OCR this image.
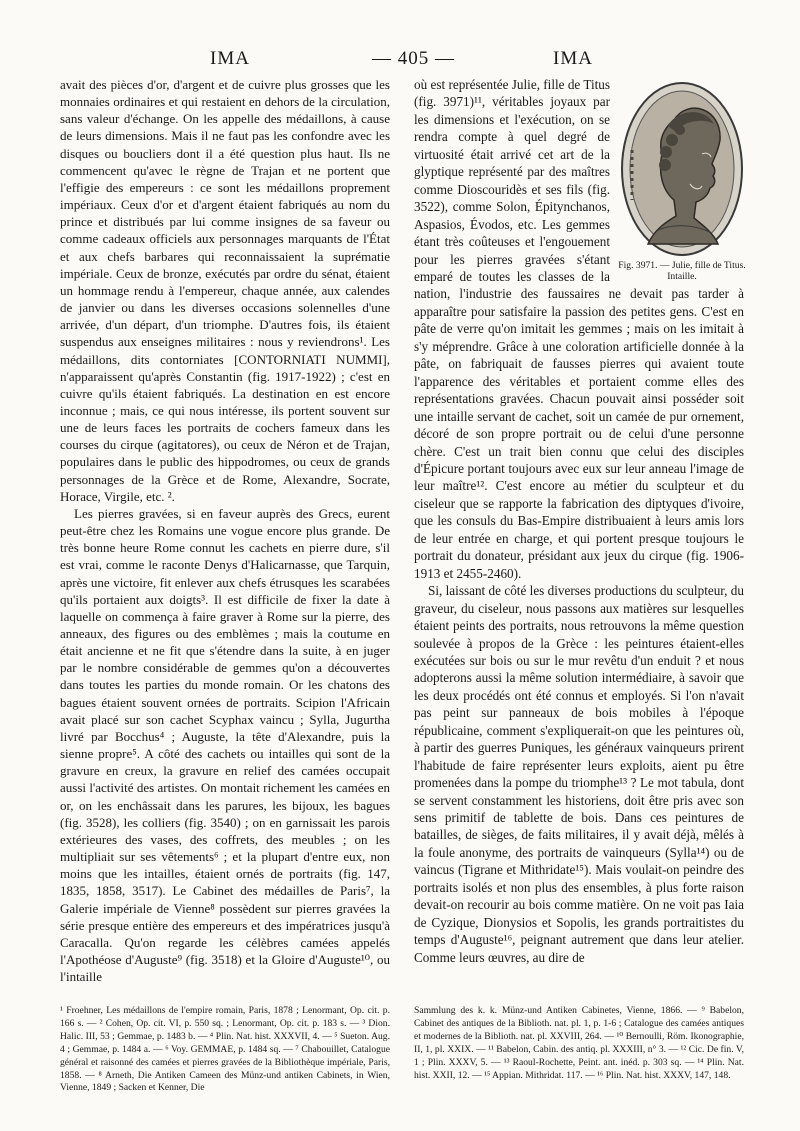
IMA	— 405 —	IMA

avait des pièces d'or, d'argent et de cuivre plus grosses que les monnaies ordinaires et qui restaient en dehors de la circulation, sans valeur d'échange. On les appelle des médaillons, à cause de leurs dimensions. Mais il ne faut pas les confondre avec les disques ou boucliers dont il a été question plus haut. Ils ne commencent qu'avec le règne de Trajan et ne portent que l'effigie des empereurs : ce sont les médaillons proprement impériaux. Ceux d'or et d'argent étaient fabriqués au nom du prince et distribués par lui comme insignes de sa faveur ou comme cadeaux officiels aux personnages marquants de l'État et aux chefs barbares qui reconnaissaient la suprématie impériale. Ceux de bronze, exécutés par ordre du sénat, étaient un hommage rendu à l'empereur, chaque année, aux calendes de janvier ou dans les diverses occasions solennelles d'une arrivée, d'un départ, d'un triomphe. D'autres fois, ils étaient suspendus aux enseignes militaires : nous y reviendrons¹. Les médaillons, dits contorniates [CONTORNIATI NUMMI], n'apparaissent qu'après Constantin (fig. 1917-1922) ; c'est en cuivre qu'ils étaient fabriqués. La destination en est encore inconnue ; mais, ce qui nous intéresse, ils portent souvent sur une de leurs faces les portraits de cochers fameux dans les courses du cirque (agitatores), ou ceux de Néron et de Trajan, populaires dans le public des hippodromes, ou ceux de grands personnages de la Grèce et de Rome, Alexandre, Socrate, Horace, Virgile, etc. ².

Les pierres gravées, si en faveur auprès des Grecs, eurent peut-être chez les Romains une vogue encore plus grande. De très bonne heure Rome connut les cachets en pierre dure, s'il est vrai, comme le raconte Denys d'Halicarnasse, que Tarquin, après une victoire, fit enlever aux chefs étrusques les scarabées qu'ils portaient aux doigts³. Il est difficile de fixer la date à laquelle on commença à faire graver à Rome sur la pierre, des anneaux, des figures ou des emblèmes ; mais la coutume en était ancienne et ne fit que s'étendre dans la suite, à en juger par le nombre considérable de gemmes qu'on a découvertes dans toutes les parties du monde romain. Or les chatons des bagues étaient souvent ornées de portraits. Scipion l'Africain avait placé sur son cachet Scyphax vaincu ; Sylla, Jugurtha livré par Bocchus⁴ ; Auguste, la tête d'Alexandre, puis la sienne propre⁵. A côté des cachets ou intailles qui sont de la gravure en creux, la gravure en relief des camées occupait aussi l'activité des artistes. On montait richement les camées en or, on les enchâssait dans les parures, les bijoux, les bagues (fig. 3528), les colliers (fig. 3540) ; on en garnissait les parois extérieures des vases, des coffrets, des meubles ; on les multipliait sur ses vêtements⁶ ; et la plupart d'entre eux, non moins que les intailles, étaient ornés de portraits (fig. 147, 1835, 1858, 3517). Le Cabinet des médailles de Paris⁷, la Galerie impériale de Vienne⁸ possèdent sur pierres gravées la série presque entière des empereurs et des impératrices jusqu'à Caracalla. Qu'on regarde les célèbres camées appelés l'Apothéose d'Auguste⁹ (fig. 3518) et la Gloire d'Auguste¹⁰, ou l'intaille

Fig. 3971. — Julie, fille de Titus. Intaille.

où est représentée Julie, fille de Titus (fig. 3971)¹¹, véritables joyaux par les dimensions et l'exécution, on se rendra compte à quel degré de virtuosité était arrivé cet art de la glyptique représenté par des maîtres comme Dioscouridès et ses fils (fig. 3522), comme Solon, Épitynchanos, Aspasios, Évodos, etc. Les gemmes étant très coûteuses et l'engouement pour les pierres gravées s'étant emparé de toutes les classes de la nation, l'industrie des faussaires ne devait pas tarder à apparaître pour satisfaire la passion des petites gens. C'est en pâte de verre qu'on imitait les gemmes ; mais on les imitait à s'y méprendre. Grâce à une coloration artificielle donnée à la pâte, on fabriquait de fausses pierres qui avaient toute l'apparence des véritables et portaient comme elles des représentations gravées. Chacun pouvait ainsi posséder soit une intaille servant de cachet, soit un camée de pur ornement, décoré de son propre portrait ou de celui d'une personne chère. C'est un trait bien connu que celui des disciples d'Épicure portant toujours avec eux sur leur anneau l'image de leur maître¹². C'est encore au métier du sculpteur et du ciseleur que se rapporte la fabrication des diptyques d'ivoire, que les consuls du Bas-Empire distribuaient à leurs amis lors de leur entrée en charge, et qui portent presque toujours le portrait du donateur, présidant aux jeux du cirque (fig. 1906-1913 et 2455-2460).

Si, laissant de côté les diverses productions du sculpteur, du graveur, du ciseleur, nous passons aux matières sur lesquelles étaient peints des portraits, nous retrouvons la même question soulevée à propos de la Grèce : les peintures étaient-elles exécutées sur bois ou sur le mur revêtu d'un enduit ? et nous adopterons aussi la même solution intermédiaire, à savoir que les deux procédés ont été connus et employés. Si l'on n'avait pas peint sur panneaux de bois mobiles à l'époque républicaine, comment s'expliquerait-on que les peintures où, à partir des guerres Puniques, les généraux vainqueurs prirent l'habitude de faire représenter leurs exploits, aient pu être promenées dans la pompe du triomphe¹³ ? Le mot tabula, dont se servent constamment les historiens, doit être pris avec son sens primitif de tablette de bois. Dans ces peintures de batailles, de sièges, de faits militaires, il y avait déjà, mêlés à la foule anonyme, des portraits de vainqueurs (Sylla¹⁴) ou de vaincus (Tigrane et Mithridate¹⁵). Mais voulait-on peindre des portraits isolés et non plus des ensembles, à plus forte raison devait-on recourir au bois comme matière. On ne voit pas Iaia de Cyzique, Dionysios et Sopolis, les grands portraitistes du temps d'Auguste¹⁶, peignant autrement que dans leur atelier. Comme leurs œuvres, au dire de

¹ Froehner, Les médaillons de l'empire romain, Paris, 1878 ; Lenormant, Op. cit. p. 166 s. — ² Cohen, Op. cit. VI, p. 550 sq. ; Lenormant, Op. cit. p. 183 s. — ³ Dion. Halic. III, 53 ; Gemmae, p. 1483 b. — ⁴ Plin. Nat. hist. XXXVII, 4. — ⁵ Sueton. Aug. 4 ; Gemmae, p. 1484 a. — ⁶ Voy. GEMMAE, p. 1484 sq. — ⁷ Chabouillet, Catalogue général et raisonné des camées et pierres gravées de la Bibliothèque impériale, Paris, 1858. — ⁸ Arneth, Die Antiken Cameen des Münz-und antiken Cabinets, in Wien, Vienne, 1849 ; Sacken et Kenner, Die
Sammlung des k. k. Münz-und Antiken Cabinetes, Vienne, 1866. — ⁹ Babelon, Cabinet des antiques de la Biblioth. nat. pl. 1, p. 1-6 ; Catalogue des camées antiques et modernes de la Biblioth. nat. pl. XXVIII, 264. — ¹⁰ Bernoulli, Röm. Ikonographie, II, 1, pl. XXIX. — ¹¹ Babelon, Cabin. des antiq. pl. XXXIII, n° 3. — ¹² Cic. De fin. V, 1 ; Plin. XXXV, 5. — ¹³ Raoul-Rochette, Peint. ant. inéd. p. 303 sq. — ¹⁴ Plin. Nat. hist. XXII, 12. — ¹⁵ Appian. Mithridat. 117. — ¹⁶ Plin. Nat. hist. XXXV, 147, 148.
